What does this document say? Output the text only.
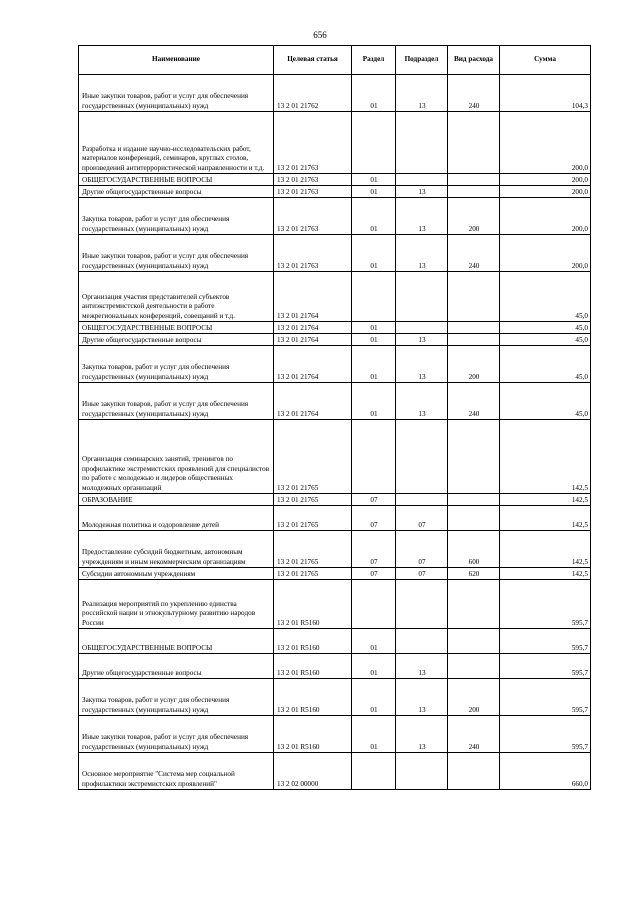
656
Наименование	Целевая статья	Раздел	Подраздел	Вид расхода	Сумма
Иные закупки товаров, работ и услуг для обеспечения государственных (муниципальных) нужд	13 2 01 21762	01	13	240	104,3
Разработка и издание научно-исследовательских работ, материалов конференций, семинаров, круглых столов, произведений антитеррористической направленности и т.д.	13 2 01 21763				200,0
ОБЩЕГОСУДАРСТВЕННЫЕ ВОПРОСЫ	13 2 01 21763	01			200,0
Другие общегосударственные вопросы	13 2 01 21763	01	13		200,0
Закупка товаров, работ и услуг для обеспечения государственных (муниципальных) нужд	13 2 01 21763	01	13	200	200,0
Иные закупки товаров, работ и услуг для обеспечения государственных (муниципальных) нужд	13 2 01 21763	01	13	240	200,0
Организация участия представителей субъектов антиэкстремистской деятельности в работе межрегиональных конференций, совещаний и т.д.	13 2 01 21764				45,0
ОБЩЕГОСУДАРСТВЕННЫЕ ВОПРОСЫ	13 2 01 21764	01			45,0
Другие общегосударственные вопросы	13 2 01 21764	01	13		45,0
Закупка товаров, работ и услуг для обеспечения государственных (муниципальных) нужд	13 2 01 21764	01	13	200	45,0
Иные закупки товаров, работ и услуг для обеспечения государственных (муниципальных) нужд	13 2 01 21764	01	13	240	45,0
Организация семинарских занятий, тренингов по профилактике экстремистских проявлений для специалистов по работе с молодежью и лидеров общественных молодежных организаций	13 2 01 21765				142,5
ОБРАЗОВАНИЕ	13 2 01 21765	07			142,5
Молодежная политика и оздоровление детей	13 2 01 21765	07	07		142,5
Предоставление субсидий бюджетным, автономным учреждениям и иным некоммерческим организациям	13 2 01 21765	07	07	600	142,5
Субсидии автономным учреждениям	13 2 01 21765	07	07	620	142,5
Реализация мероприятий по укреплению единства российской нации и этнокультурному развитию народов России	13 2 01 R5160				595,7
ОБЩЕГОСУДАРСТВЕННЫЕ ВОПРОСЫ	13 2 01 R5160	01			595,7
Другие общегосударственные вопросы	13 2 01 R5160	01	13		595,7
Закупка товаров, работ и услуг для обеспечения государственных (муниципальных) нужд	13 2 01 R5160	01	13	200	595,7
Иные закупки товаров, работ и услуг для обеспечения государственных (муниципальных) нужд	13 2 01 R5160	01	13	240	595,7
Основное мероприятие "Система мер социальной профилактики экстремистских проявлений"	13 2 02 00000				660,0
